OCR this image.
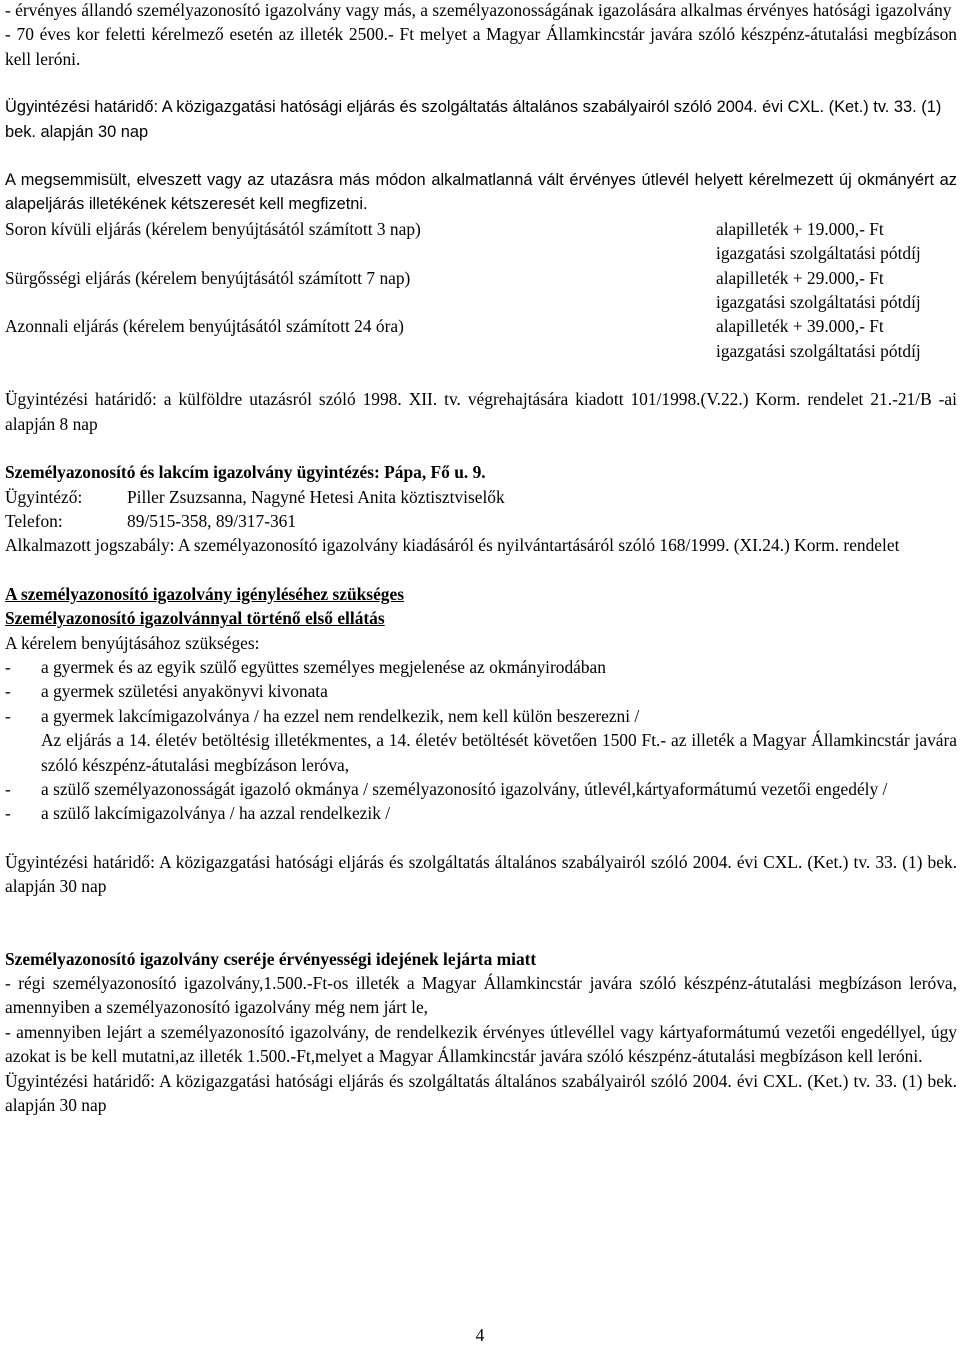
- érvényes állandó személyazonosító igazolvány vagy más, a személyazonosságának igazolására alkalmas érvényes hatósági igazolvány

- 70 éves kor feletti kérelmező esetén az illeték 2500.- Ft melyet a Magyar Államkincstár javára szóló készpénz-átutalási megbízáson kell leróni.

Ügyintézési határidő: A közigazgatási hatósági eljárás és szolgáltatás általános szabályairól szóló 2004. évi CXL. (Ket.) tv. 33. (1) bek. alapján 30 nap

A megsemmisült, elveszett vagy az utazásra más módon alkalmatlanná vált érvényes útlevél helyett kérelmezett új okmányért az alapeljárás illetékének kétszeresét kell megfizetni.

Soron kívüli eljárás (kérelem benyújtásától számított 3 nap)	alapilleték + 19.000,- Ft igazgatási szolgáltatási pótdíj
Sürgősségi eljárás (kérelem benyújtásától számított 7 nap)	alapilleték + 29.000,- Ft igazgatási szolgáltatási pótdíj
Azonnali eljárás (kérelem benyújtásától számított 24 óra)	alapilleték + 39.000,- Ft igazgatási szolgáltatási pótdíj

Ügyintézési határidő: a külföldre utazásról szóló 1998. XII. tv. végrehajtására kiadott 101/1998.(V.22.) Korm. rendelet 21.-21/B -ai alapján 8 nap

Személyazonosító és lakcím igazolvány ügyintézés: Pápa, Fő u. 9.

Ügyintéző:	Piller Zsuzsanna, Nagyné Hetesi Anita köztisztviselők

Telefon:	89/515-358, 89/317-361

Alkalmazott jogszabály: A személyazonosító igazolvány kiadásáról és nyilvántartásáról szóló 168/1999. (XI.24.) Korm. rendelet

A személyazonosító igazolvány igényléséhez szükséges

Személyazonosító igazolvánnyal történő első ellátás

A kérelem benyújtásához szükséges:

-	a gyermek és az egyik szülő együttes személyes megjelenése az okmányirodában
-	a gyermek születési anyakönyvi kivonata
-	a gyermek lakcímigazolványa / ha ezzel nem rendelkezik, nem kell külön beszerezni /
Az eljárás a 14. életév betöltésig illetékmentes, a 14. életév betöltését követően 1500 Ft.- az illeték a Magyar Államkincstár javára szóló készpénz-átutalási megbízáson leróva,
-	a szülő személyazonosságát igazoló okmánya / személyazonosító igazolvány, útlevél,kártyaformátumú vezetői engedély /
-	a szülő lakcímigazolványa / ha azzal rendelkezik /

Ügyintézési határidő: A közigazgatási hatósági eljárás és szolgáltatás általános szabályairól szóló 2004. évi CXL. (Ket.) tv. 33. (1) bek. alapján 30 nap

Személyazonosító igazolvány cseréje érvényességi idejének lejárta miatt

- régi személyazonosító igazolvány,1.500.-Ft-os illeték a Magyar Államkincstár javára szóló készpénz-átutalási megbízáson leróva, amennyiben a személyazonosító igazolvány még nem járt le,

- amennyiben lejárt a személyazonosító igazolvány, de rendelkezik érvényes útlevéllel vagy kártyaformátumú vezetői engedéllyel, úgy azokat is be kell mutatni,az illeték 1.500.-Ft,melyet a Magyar Államkincstár javára szóló készpénz-átutalási megbízáson kell leróni.

Ügyintézési határidő: A közigazgatási hatósági eljárás és szolgáltatás általános szabályairól szóló 2004. évi CXL. (Ket.) tv. 33. (1) bek. alapján 30 nap

4
